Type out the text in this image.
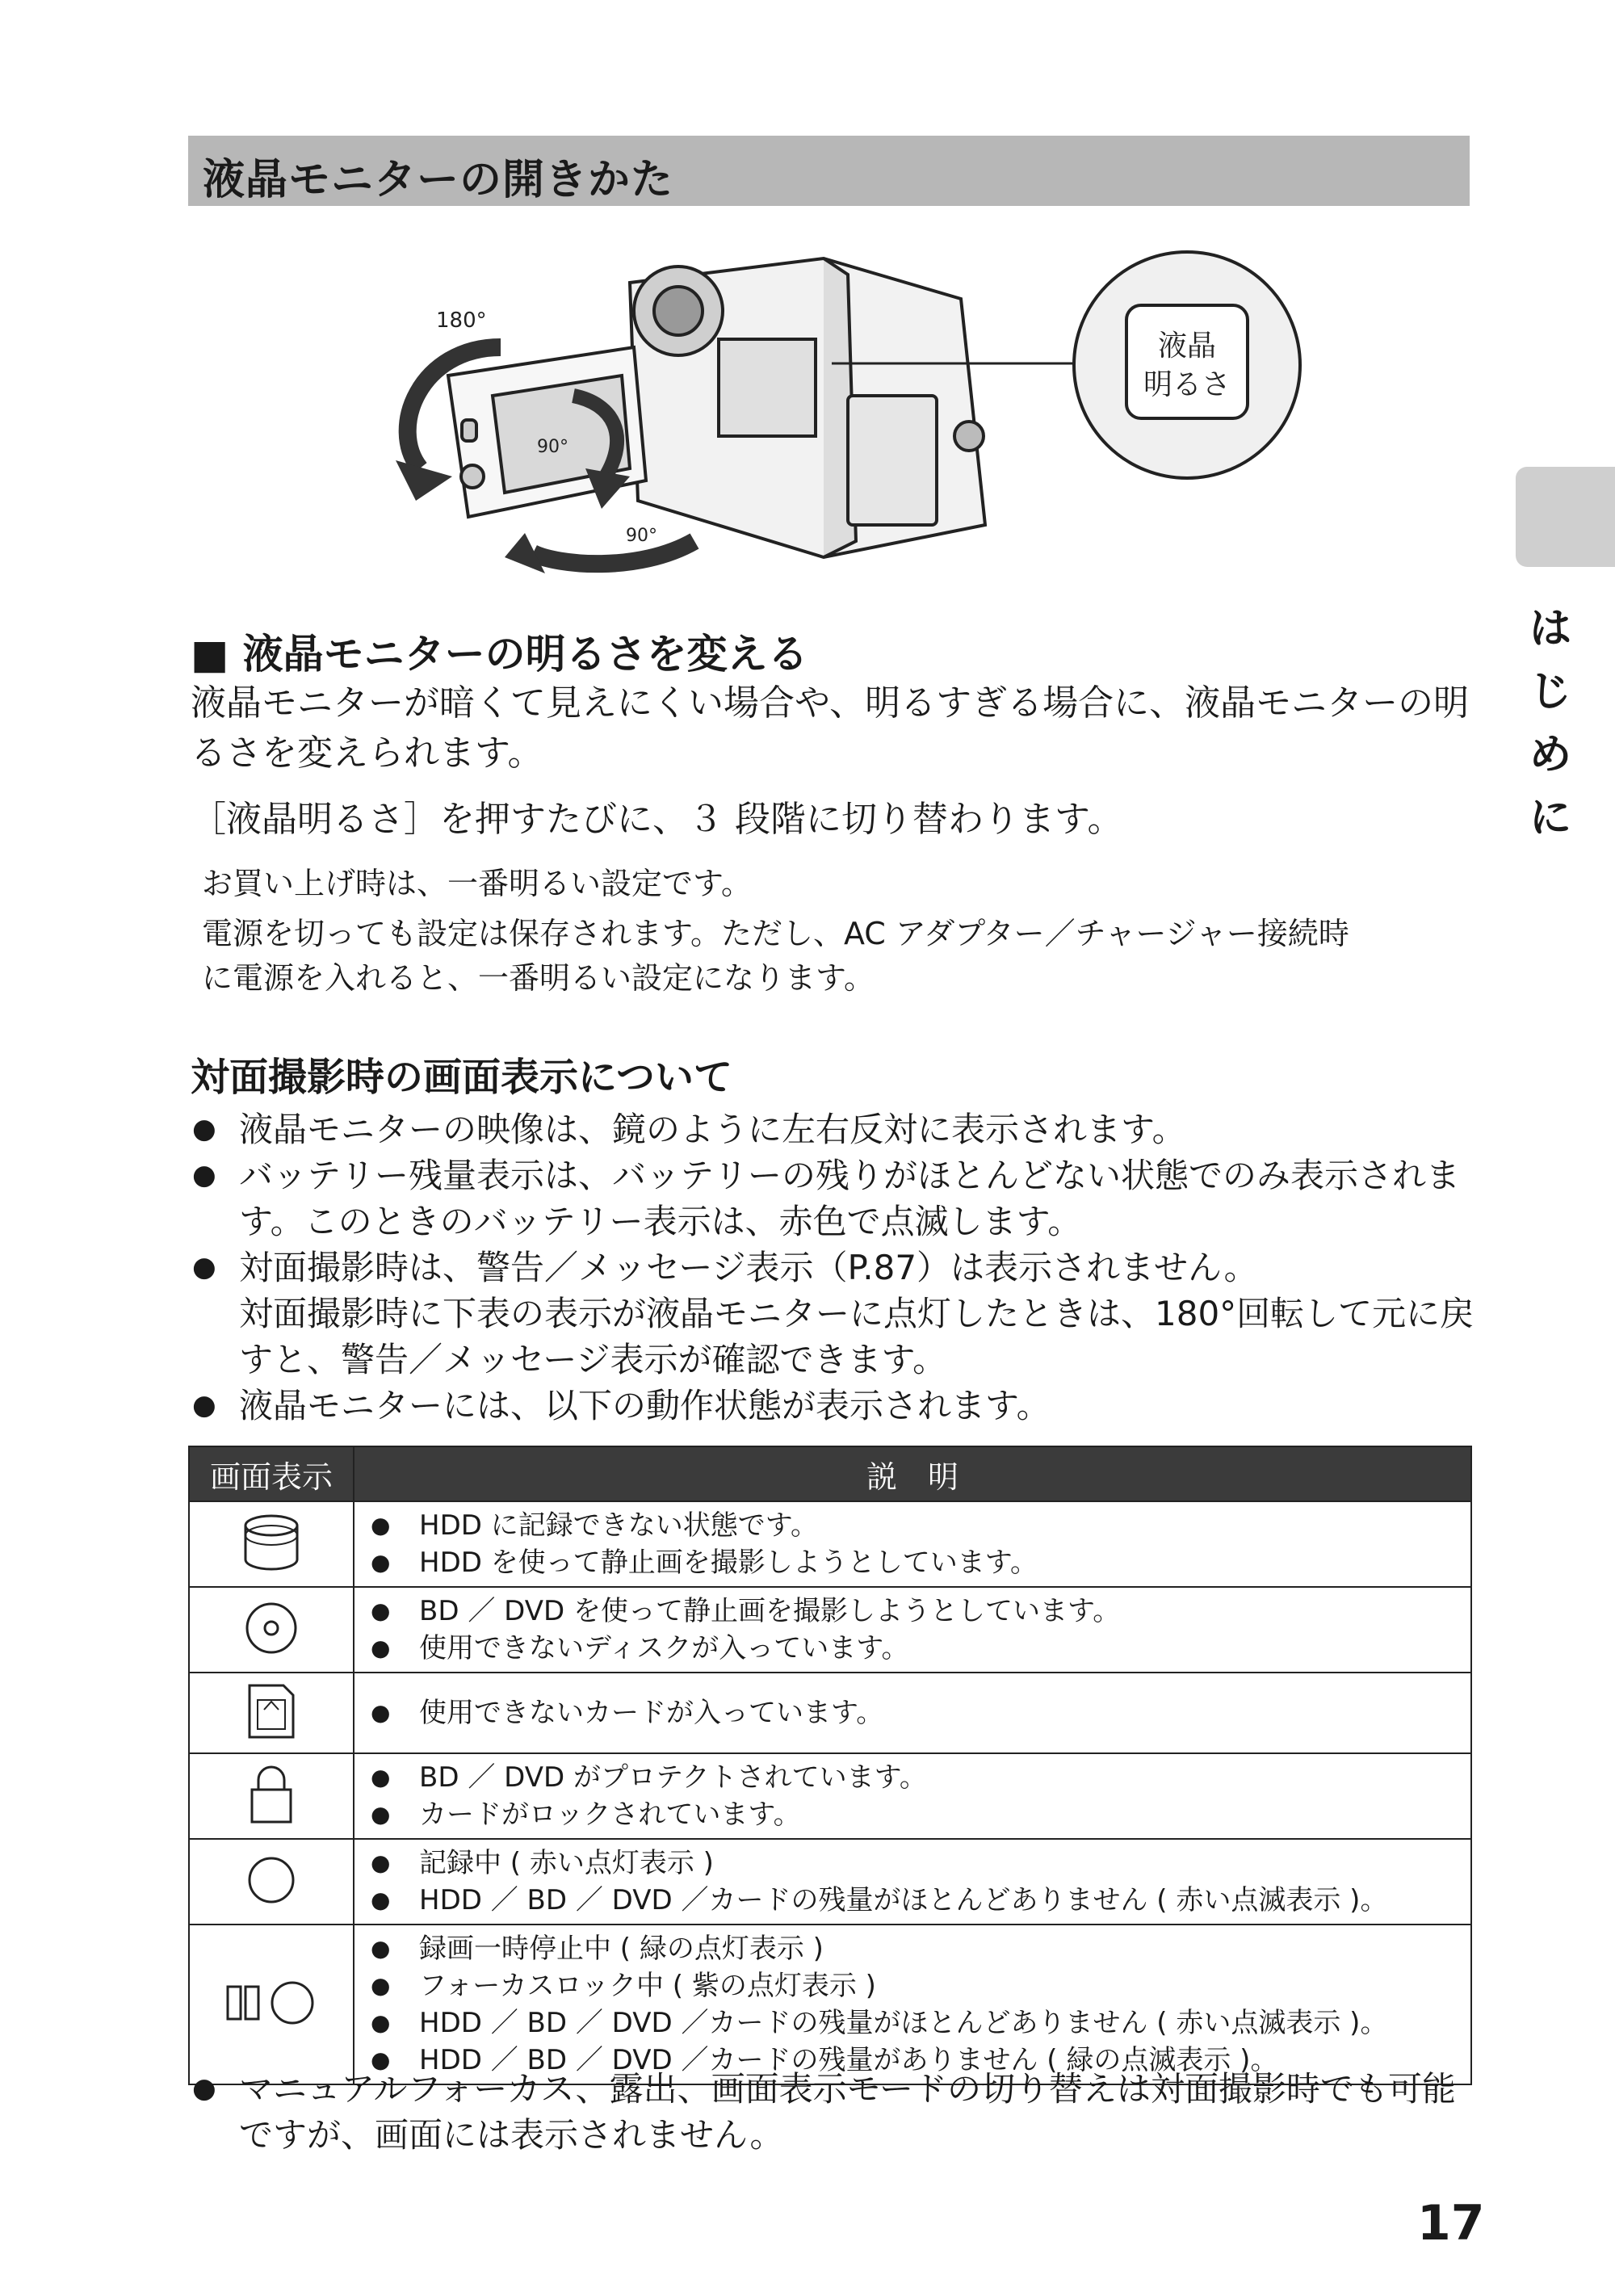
液晶モニターの開きかた
は
じ
め
に
180°
90°
90°
液晶
明るさ
■ 液晶モニターの明るさを変える
液晶モニターが暗くて見えにくい場合や、明るすぎる場合に、液晶モニターの明
るさを変えられます。
［液晶明るさ］を押すたびに、３ 段階に切り替わります。
お買い上げ時は、一番明るい設定です。
電源を切っても設定は保存されます。ただし、AC アダプター／チャージャー接続時
に電源を入れると、一番明るい設定になります。
対面撮影時の画面表示について
● 液晶モニターの映像は、鏡のように左右反対に表示されます。
● バッテリー残量表示は、バッテリーの残りがほとんどない状態でのみ表示されます。このときのバッテリー表示は、赤色で点滅します。
● 対面撮影時は、警告／メッセージ表示（P.87）は表示されません。
対面撮影時に下表の表示が液晶モニターに点灯したときは、180°回転して元に戻すと、警告／メッセージ表示が確認できます。
● 液晶モニターには、以下の動作状態が表示されます。
画面表示	説　明

● HDD に記録できない状態です。
● HDD を使って静止画を撮影しようとしています。

● BD ／ DVD を使って静止画を撮影しようとしています。
● 使用できないディスクが入っています。

● 使用できないカードが入っています。

● BD ／ DVD がプロテクトされています。
● カードがロックされています。

● 記録中 ( 赤い点灯表示 )
● HDD ／ BD ／ DVD ／カードの残量がほとんどありません ( 赤い点滅表示 )。

● 録画一時停止中 ( 緑の点灯表示 )
● フォーカスロック中 ( 紫の点灯表示 )
● HDD ／ BD ／ DVD ／カードの残量がほとんどありません ( 赤い点滅表示 )。
● HDD ／ BD ／ DVD ／カードの残量がありません ( 緑の点滅表示 )。
● マニュアルフォーカス、露出、画面表示モードの切り替えは対面撮影時でも可能ですが、画面には表示されません。
17
